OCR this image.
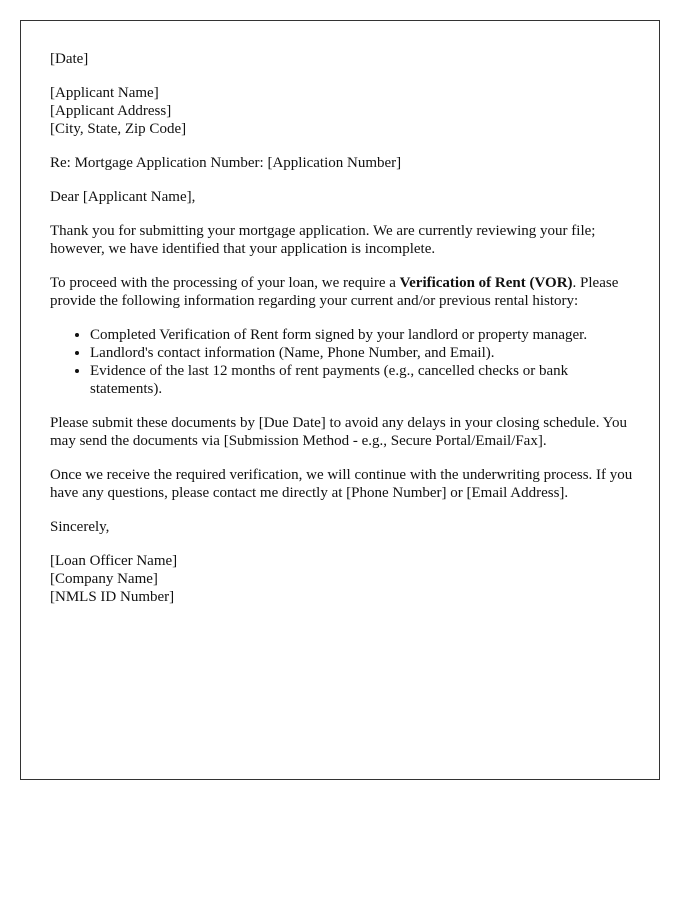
[Date]

[Applicant Name]
[Applicant Address]
[City, State, Zip Code]

Re: Mortgage Application Number: [Application Number]

Dear [Applicant Name],

Thank you for submitting your mortgage application. We are currently reviewing your file; however, we have identified that your application is incomplete.

To proceed with the processing of your loan, we require a Verification of Rent (VOR). Please provide the following information regarding your current and/or previous rental history:

• Completed Verification of Rent form signed by your landlord or property manager.
• Landlord's contact information (Name, Phone Number, and Email).
• Evidence of the last 12 months of rent payments (e.g., cancelled checks or bank statements).

Please submit these documents by [Due Date] to avoid any delays in your closing schedule. You may send the documents via [Submission Method - e.g., Secure Portal/Email/Fax].

Once we receive the required verification, we will continue with the underwriting process. If you have any questions, please contact me directly at [Phone Number] or [Email Address].

Sincerely,

[Loan Officer Name]
[Company Name]
[NMLS ID Number]
